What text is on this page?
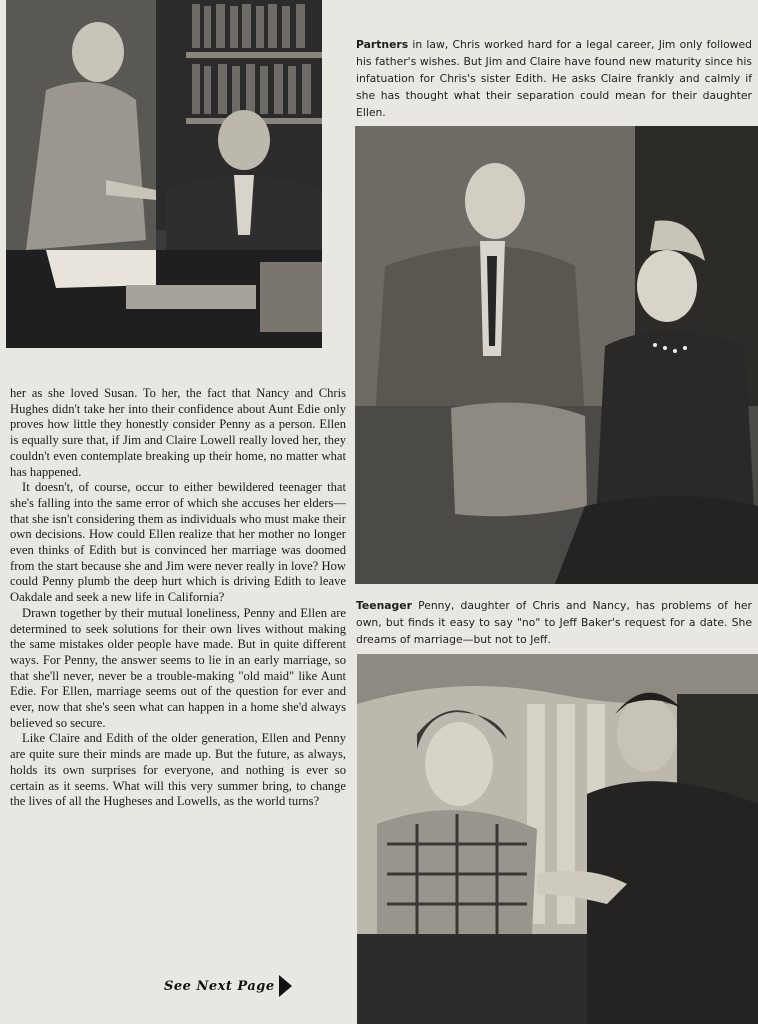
Partners in law, Chris worked hard for a legal career, Jim only followed his father's wishes. But Jim and Claire have found new maturity since his infatuation for Chris's sister Edith. He asks Claire frankly and calmly if she has thought what their separation could mean for their daughter Ellen.
Teenager Penny, daughter of Chris and Nancy, has problems of her own, but finds it easy to say "no" to Jeff Baker's request for a date. She dreams of marriage—but not to Jeff.

her as she loved Susan. To her, the fact that Nancy and Chris Hughes didn't take her into their confidence about Aunt Edie only proves how little they honestly consider Penny as a person. Ellen is equally sure that, if Jim and Claire Lowell really loved her, they couldn't even contemplate breaking up their home, no matter what has happened.

It doesn't, of course, occur to either bewildered teenager that she's falling into the same error of which she accuses her elders—that she isn't considering them as individuals who must make their own decisions. How could Ellen realize that her mother no longer even thinks of Edith but is convinced her marriage was doomed from the start because she and Jim were never really in love? How could Penny plumb the deep hurt which is driving Edith to leave Oakdale and seek a new life in California?

Drawn together by their mutual loneliness, Penny and Ellen are determined to seek solutions for their own lives without making the same mistakes older people have made. But in quite different ways. For Penny, the answer seems to lie in an early marriage, so that she'll never, never be a trouble-making "old maid" like Aunt Edie. For Ellen, marriage seems out of the question for ever and ever, now that she's seen what can happen in a home she'd always believed so secure.

Like Claire and Edith of the older generation, Ellen and Penny are quite sure their minds are made up. But the future, as always, holds its own surprises for everyone, and nothing is ever so certain as it seems. What will this very summer bring, to change the lives of all the Hugheses and Lowells, as the world turns?

See Next Page
